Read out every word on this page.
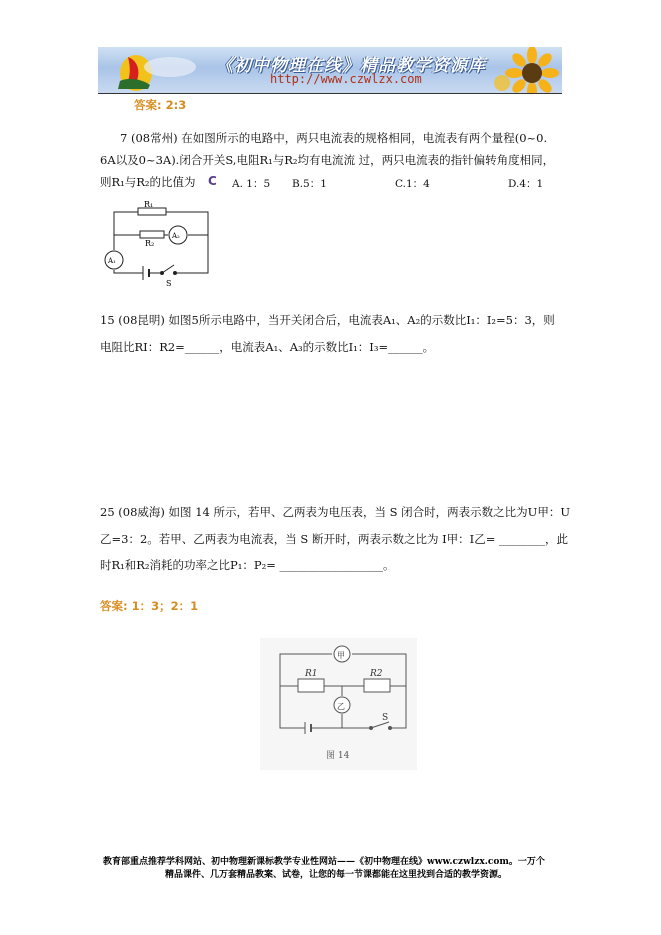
《初中物理在线》精品教学资源库
http://www.czwlzx.com
答案: 2:3
7 (08常州) 在如图所示的电路中，两只电流表的规格相同，电流表有两个量程(0~0.
6A以及0~3A).闭合开关S,电阻R₁与R₂均有电流流 过，两只电流表的指针偏转角度相同，
则R₁与R₂的比值为 C A. 1：5 B.5：1	C.1：4	D.4：1
R₁
R₂
A₂
A₁
S
15 (08昆明) 如图5所示电路中，当开关闭合后，电流表A₁、A₂的示数比I₁：I₂=5：3，则
电阻比RI：R2=______，电流表A₁、A₃的示数比I₁：I₃=______。
25 (08威海) 如图 14 所示，若甲、乙两表为电压表，当 S 闭合时，两表示数之比为U甲：U
乙=3：2。若甲、乙两表为电流表，当 S 断开时，两表示数之比为 I甲：I乙= ________，此
时R₁和R₂消耗的功率之比P₁：P₂= __________________。
答案: 1：3；2：1
甲
乙
R1	R2
S
图 14
教育部重点推荐学科网站、初中物理新课标教学专业性网站——《初中物理在线》www.czwlzx.com。一万个
精品课件、几万套精品教案、试卷，让您的每一节课都能在这里找到合适的教学资源。
